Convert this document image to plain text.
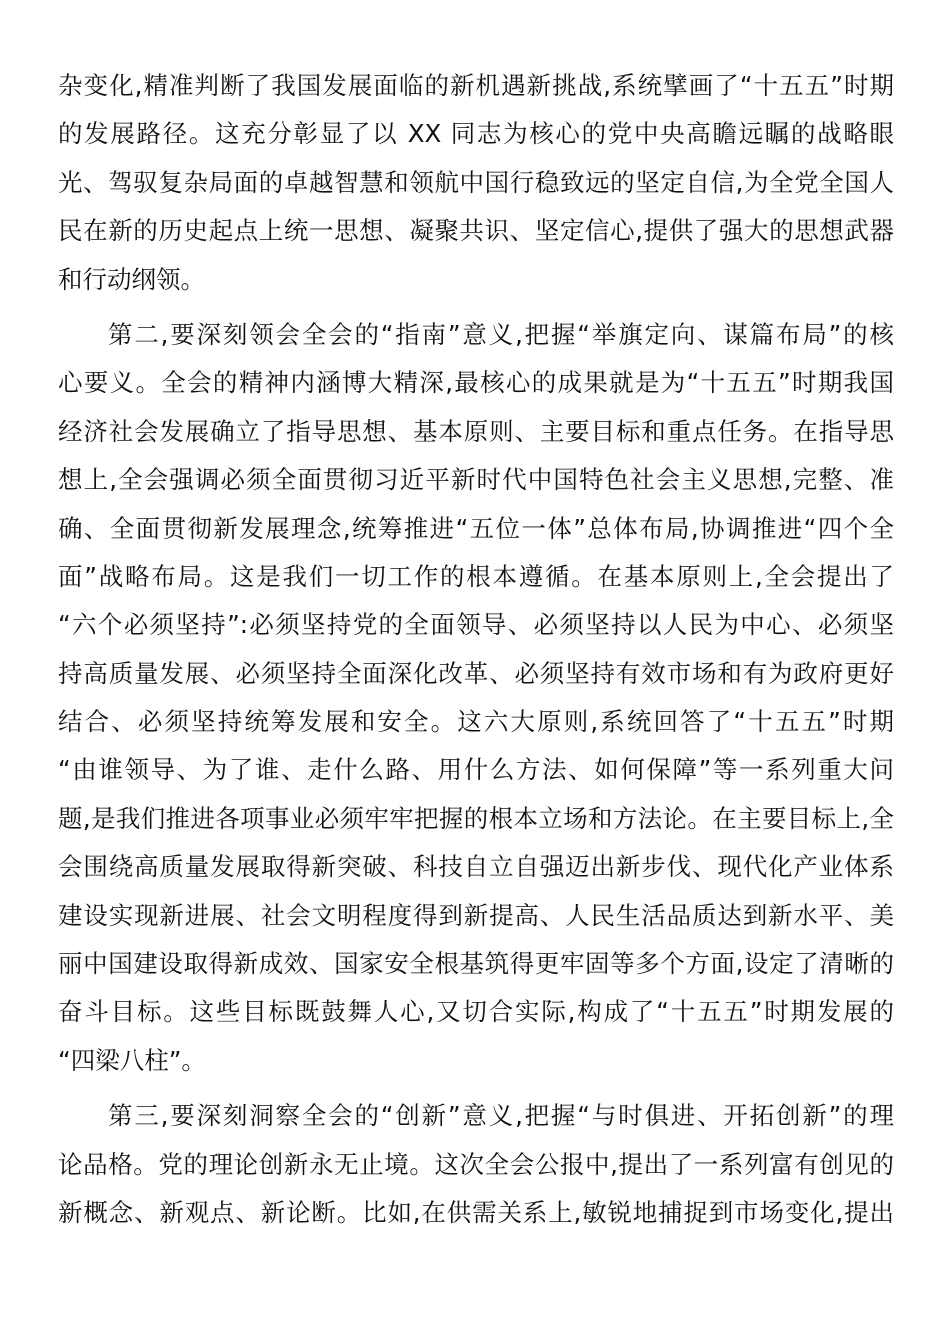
杂变化,精准判断了我国发展面临的新机遇新挑战,系统擘画了“十五五”时期
的发展路径。这充分彰显了以 XX 同志为核心的党中央高瞻远瞩的战略眼
光、驾驭复杂局面的卓越智慧和领航中国行稳致远的坚定自信,为全党全国人
民在新的历史起点上统一思想、凝聚共识、坚定信心,提供了强大的思想武器
和行动纲领。
第二,要深刻领会全会的“指南”意义,把握“举旗定向、谋篇布局”的核
心要义。全会的精神内涵博大精深,最核心的成果就是为“十五五”时期我国
经济社会发展确立了指导思想、基本原则、主要目标和重点任务。在指导思
想上,全会强调必须全面贯彻习近平新时代中国特色社会主义思想,完整、准
确、全面贯彻新发展理念,统筹推进“五位一体”总体布局,协调推进“四个全
面”战略布局。这是我们一切工作的根本遵循。在基本原则上,全会提出了
“六个必须坚持”:必须坚持党的全面领导、必须坚持以人民为中心、必须坚
持高质量发展、必须坚持全面深化改革、必须坚持有效市场和有为政府更好
结合、必须坚持统筹发展和安全。这六大原则,系统回答了“十五五”时期
“由谁领导、为了谁、走什么路、用什么方法、如何保障”等一系列重大问
题,是我们推进各项事业必须牢牢把握的根本立场和方法论。在主要目标上,全
会围绕高质量发展取得新突破、科技自立自强迈出新步伐、现代化产业体系
建设实现新进展、社会文明程度得到新提高、人民生活品质达到新水平、美
丽中国建设取得新成效、国家安全根基筑得更牢固等多个方面,设定了清晰的
奋斗目标。这些目标既鼓舞人心,又切合实际,构成了“十五五”时期发展的
“四梁八柱”。
第三,要深刻洞察全会的“创新”意义,把握“与时俱进、开拓创新”的理
论品格。党的理论创新永无止境。这次全会公报中,提出了一系列富有创见的
新概念、新观点、新论断。比如,在供需关系上,敏锐地捕捉到市场变化,提出
